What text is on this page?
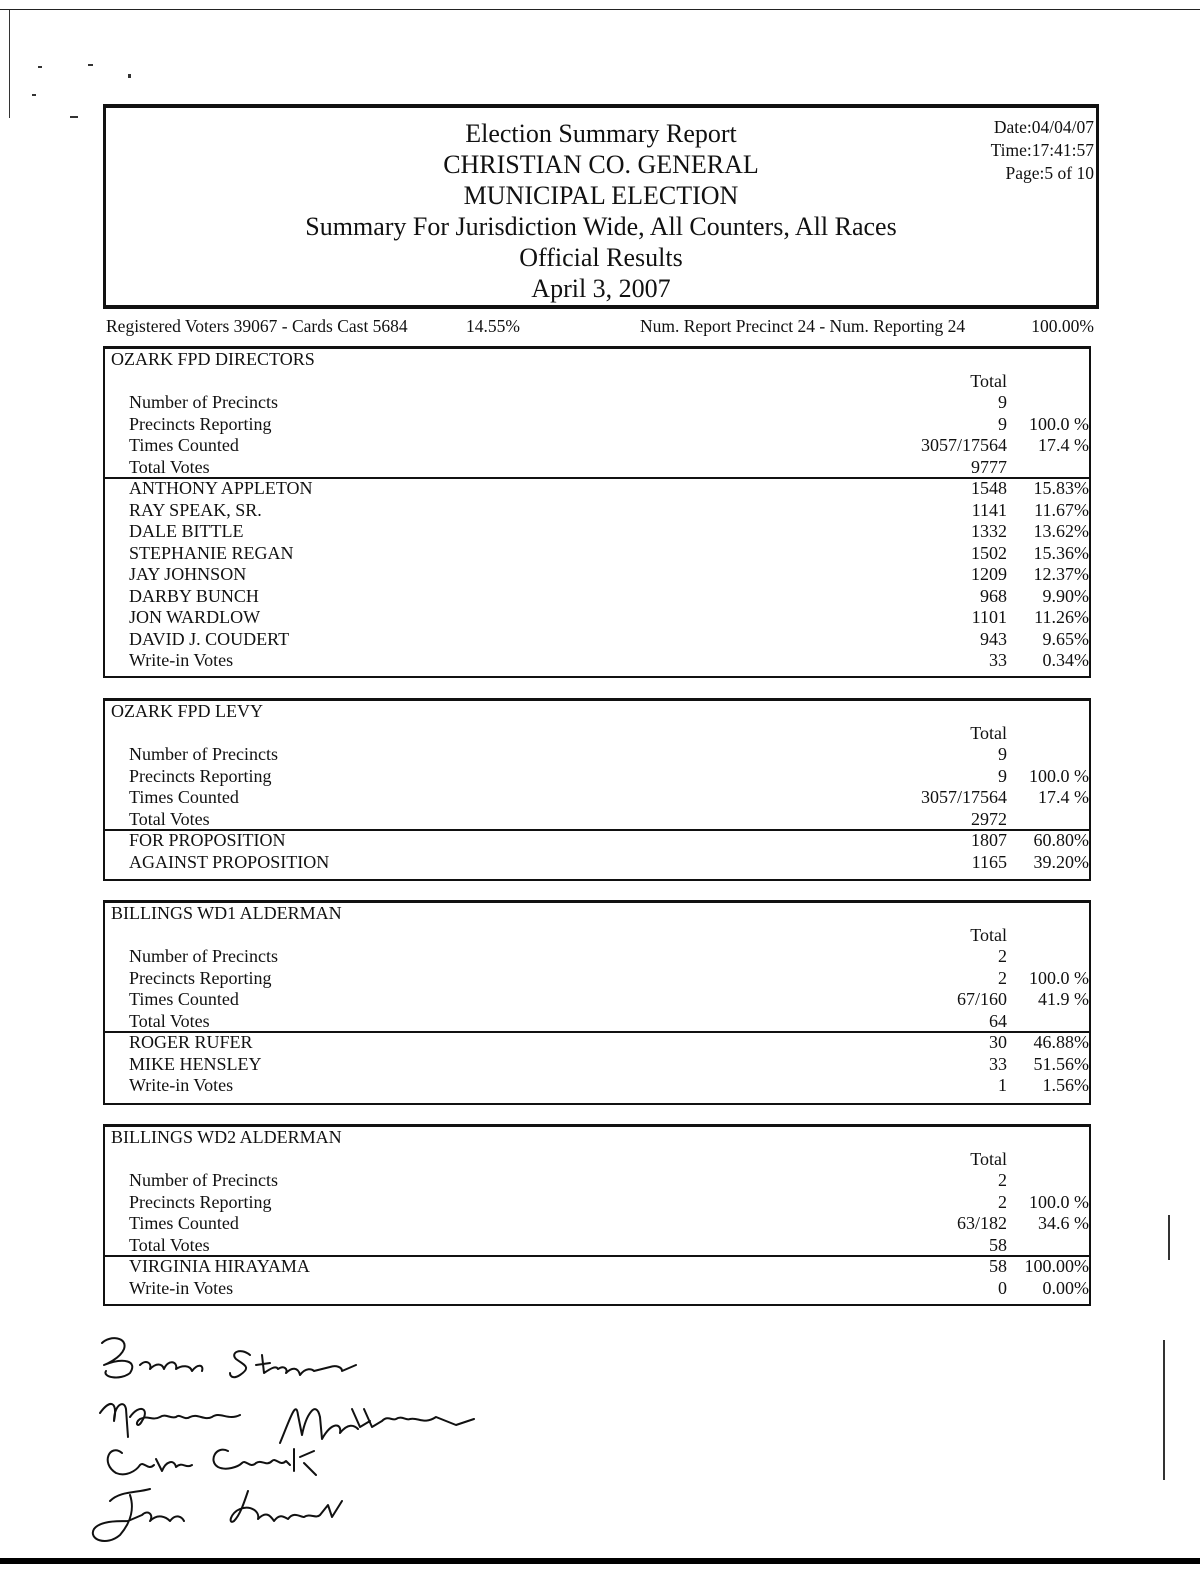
Election Summary Report
CHRISTIAN CO. GENERAL
MUNICIPAL ELECTION
Summary For Jurisdiction Wide, All Counters, All Races
Official Results
April 3, 2007
Date:04/04/07
Time:17:41:57
Page:5 of 10
Registered Voters 39067 - Cards Cast 5684	14.55%	Num. Report Precinct 24 - Num. Reporting 24	100.00%
OZARK FPD DIRECTORS
Total
Number of Precincts	9
Precincts Reporting	9	100.0 %
Times Counted	3057/17564	17.4 %
Total Votes	9777
ANTHONY APPLETON	1548	15.83%
RAY SPEAK, SR.	1141	11.67%
DALE BITTLE	1332	13.62%
STEPHANIE REGAN	1502	15.36%
JAY JOHNSON	1209	12.37%
DARBY BUNCH	968	9.90%
JON WARDLOW	1101	11.26%
DAVID J. COUDERT	943	9.65%
Write-in Votes	33	0.34%
OZARK FPD LEVY
Total
Number of Precincts	9
Precincts Reporting	9	100.0 %
Times Counted	3057/17564	17.4 %
Total Votes	2972
FOR PROPOSITION	1807	60.80%
AGAINST PROPOSITION	1165	39.20%
BILLINGS WD1 ALDERMAN
Total
Number of Precincts	2
Precincts Reporting	2	100.0 %
Times Counted	67/160	41.9 %
Total Votes	64
ROGER RUFER	30	46.88%
MIKE HENSLEY	33	51.56%
Write-in Votes	1	1.56%
BILLINGS WD2 ALDERMAN
Total
Number of Precincts	2
Precincts Reporting	2	100.0 %
Times Counted	63/182	34.6 %
Total Votes	58
VIRGINIA HIRAYAMA	58 100.00%
Write-in Votes	0	0.00%
